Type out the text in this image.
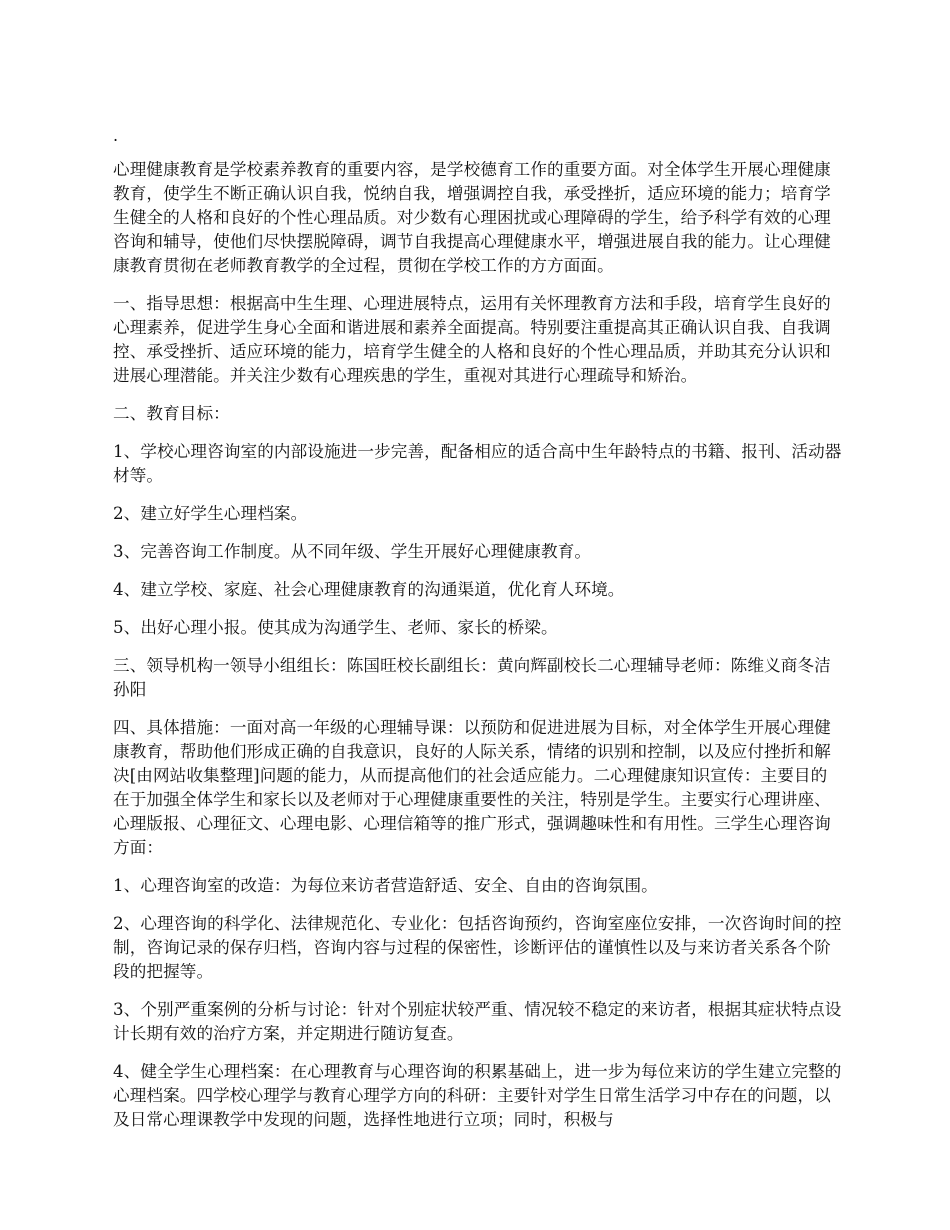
.

心理健康教育是学校素养教育的重要内容，是学校德育工作的重要方面。对全体学生开展心理健康教育，使学生不断正确认识自我，悦纳自我，增强调控自我，承受挫折，适应环境的能力；培育学生健全的人格和良好的个性心理品质。对少数有心理困扰或心理障碍的学生，给予科学有效的心理咨询和辅导，使他们尽快摆脱障碍，调节自我提高心理健康水平，增强进展自我的能力。让心理健康教育贯彻在老师教育教学的全过程，贯彻在学校工作的方方面面。

一、指导思想：根据高中生生理、心理进展特点，运用有关怀理教育方法和手段，培育学生良好的心理素养，促进学生身心全面和谐进展和素养全面提高。特别要注重提高其正确认识自我、自我调控、承受挫折、适应环境的能力，培育学生健全的人格和良好的个性心理品质，并助其充分认识和进展心理潜能。并关注少数有心理疾患的学生，重视对其进行心理疏导和矫治。

二、教育目标：

1、学校心理咨询室的内部设施进一步完善，配备相应的适合高中生年龄特点的书籍、报刊、活动器材等。

2、建立好学生心理档案。

3、完善咨询工作制度。从不同年级、学生开展好心理健康教育。

4、建立学校、家庭、社会心理健康教育的沟通渠道，优化育人环境。

5、出好心理小报。使其成为沟通学生、老师、家长的桥梁。

三、领导机构一领导小组组长：陈国旺校长副组长：黄向辉副校长二心理辅导老师：陈维义商冬洁孙阳

四、具体措施：一面对高一年级的心理辅导课：以预防和促进进展为目标，对全体学生开展心理健康教育，帮助他们形成正确的自我意识，良好的人际关系，情绪的识别和控制，以及应付挫折和解决[由网站收集整理]问题的能力，从而提高他们的社会适应能力。二心理健康知识宣传：主要目的在于加强全体学生和家长以及老师对于心理健康重要性的关注，特别是学生。主要实行心理讲座、心理版报、心理征文、心理电影、心理信箱等的推广形式，强调趣味性和有用性。三学生心理咨询方面：

1、心理咨询室的改造：为每位来访者营造舒适、安全、自由的咨询氛围。

2、心理咨询的科学化、法律规范化、专业化：包括咨询预约，咨询室座位安排，一次咨询时间的控制，咨询记录的保存归档，咨询内容与过程的保密性，诊断评估的谨慎性以及与来访者关系各个阶段的把握等。

3、个别严重案例的分析与讨论：针对个别症状较严重、情况较不稳定的来访者，根据其症状特点设计长期有效的治疗方案，并定期进行随访复查。

4、健全学生心理档案：在心理教育与心理咨询的积累基础上，进一步为每位来访的学生建立完整的心理档案。四学校心理学与教育心理学方向的科研：主要针对学生日常生活学习中存在的问题，以及日常心理课教学中发现的问题，选择性地进行立项；同时，积极与
